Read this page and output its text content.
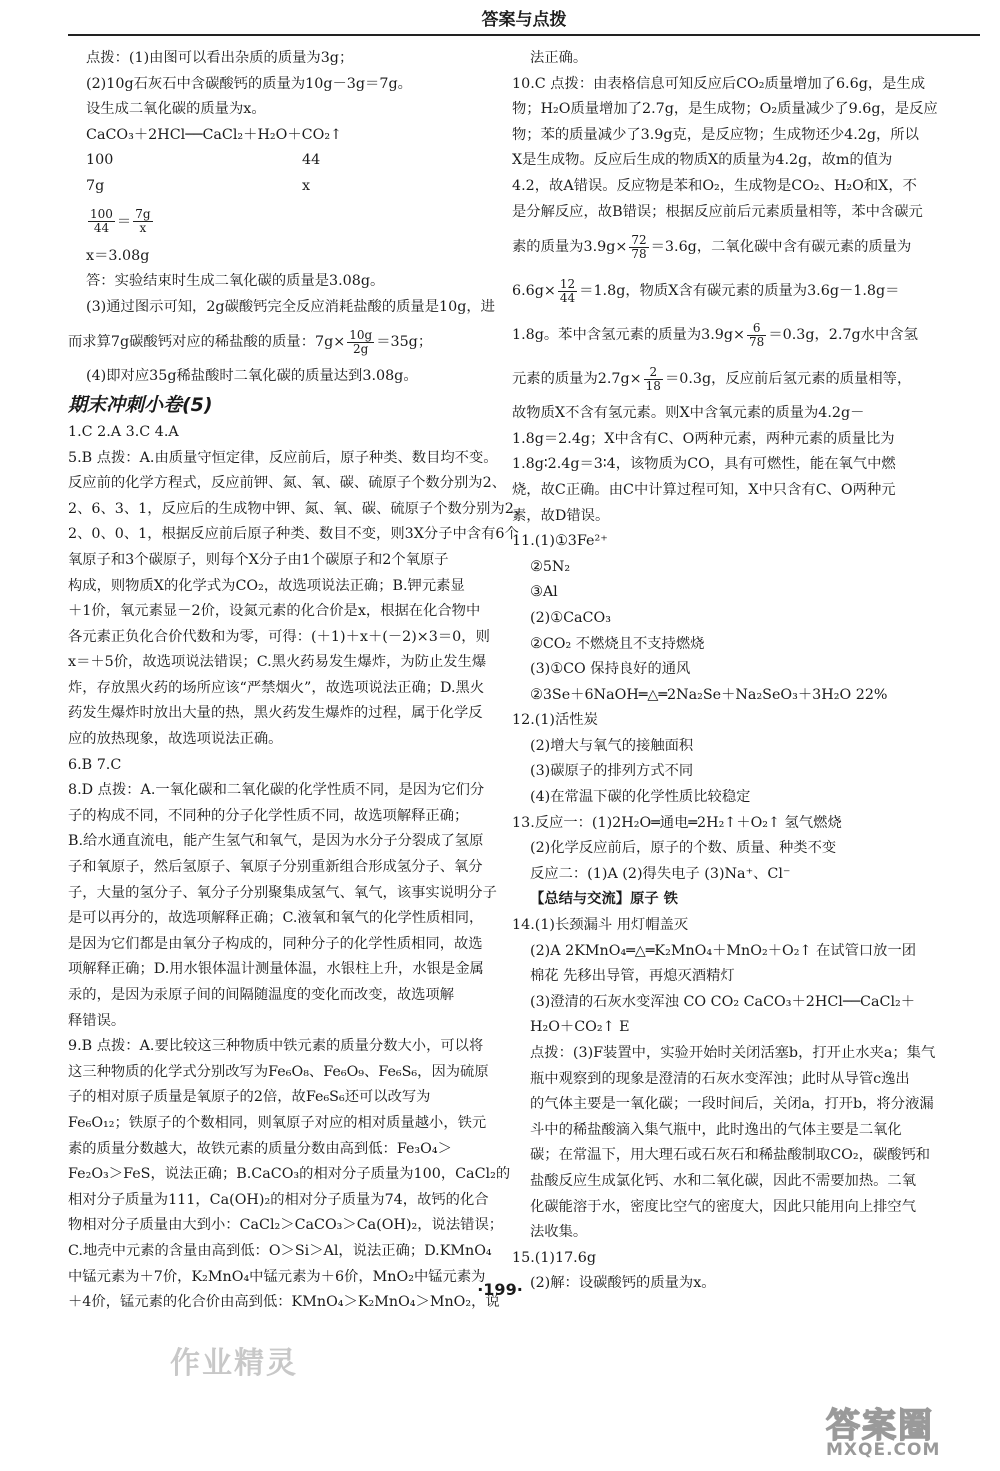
答案与点拨
点拨：(1)由图可以看出杂质的质量为3g；
(2)10g石灰石中含碳酸钙的质量为10g－3g＝7g。
设生成二氧化碳的质量为x。
CaCO₃＋2HCl──CaCl₂＋H₂O＋CO₂↑
100	44
7g	x
$\frac{100}{44} = \frac{7g}{x}$
x＝3.08g
答：实验结束时生成二氧化碳的质量是3.08g。
(3)通过图示可知，2g碳酸钙完全反应消耗盐酸的质量是10g，进
而求算7g碳酸钙对应的稀盐酸的质量：$7g\times \frac{10g}{2g} =35g$；
(4)即对应35g稀盐酸时二氧化碳的质量达到3.08g。
期末冲刺小卷(5)
1.C 2.A 3.C 4.A
5.B 点拨：A.由质量守恒定律，反应前后，原子种类、数目均不变。
反应前的化学方程式，反应前钾、氮、氧、碳、硫原子个数分别为2、
2、6、3、1，反应后的生成物中钾、氮、氧、碳、硫原子个数分别为2、
2、0、0、1，根据反应前后原子种类、数目不变，则3X分子中含有6个
氧原子和3个碳原子，则每个X分子由1个碳原子和2个氧原子
构成，则物质X的化学式为CO₂，故选项说法正确；B.钾元素显
＋1价，氧元素显－2价，设氮元素的化合价是x，根据在化合物中
各元素正负化合价代数和为零，可得：(＋1)＋x＋(－2)×3＝0，则
x＝＋5价，故选项说法错误；C.黑火药易发生爆炸，为防止发生爆
炸，存放黑火药的场所应该“严禁烟火”，故选项说法正确；D.黑火
药发生爆炸时放出大量的热，黑火药发生爆炸的过程，属于化学反
应的放热现象，故选项说法正确。
6.B 7.C
8.D 点拨：A.一氧化碳和二氧化碳的化学性质不同，是因为它们分
子的构成不同，不同种的分子化学性质不同，故选项解释正确；
B.给水通直流电，能产生氢气和氧气，是因为水分子分裂成了氢原
子和氧原子，然后氢原子、氧原子分别重新组合形成氢分子、氧分
子，大量的氢分子、氧分子分别聚集成氢气、氧气，该事实说明分子
是可以再分的，故选项解释正确；C.液氧和氧气的化学性质相同，
是因为它们都是由氧分子构成的，同种分子的化学性质相同，故选
项解释正确；D.用水银体温计测量体温，水银柱上升，水银是金属
汞的，是因为汞原子间的间隔随温度的变化而改变，故选项解
释错误。
9.B 点拨：A.要比较这三种物质中铁元素的质量分数大小，可以将
这三种物质的化学式分别改写为Fe₆O₈、Fe₆O₉、Fe₆S₆，因为硫原
子的相对原子质量是氧原子的2倍，故Fe₆S₆还可以改写为
Fe₆O₁₂；铁原子的个数相同，则氧原子对应的相对质量越小，铁元
素的质量分数越大，故铁元素的质量分数由高到低：Fe₃O₄＞
Fe₂O₃＞FeS，说法正确；B.CaCO₃的相对分子质量为100，CaCl₂的
相对分子质量为111，Ca(OH)₂的相对分子质量为74，故钙的化合
物相对分子质量由大到小：CaCl₂＞CaCO₃＞Ca(OH)₂，说法错误；
C.地壳中元素的含量由高到低：O＞Si＞Al，说法正确；D.KMnO₄
中锰元素为＋7价，K₂MnO₄中锰元素为＋6价，MnO₂中锰元素为
＋4价，锰元素的化合价由高到低：KMnO₄＞K₂MnO₄＞MnO₂，说
法正确。
10.C 点拨：由表格信息可知反应后CO₂质量增加了6.6g，是生成
物；H₂O质量增加了2.7g，是生成物；O₂质量减少了9.6g，是反应
物；苯的质量减少了3.9g克，是反应物；生成物还少4.2g，所以
X是生成物。反应后生成的物质X的质量为4.2g，故m的值为
4.2，故A错误。反应物是苯和O₂，生成物是CO₂、H₂O和X，不
是分解反应，故B错误；根据反应前后元素质量相等，苯中含碳元
素的质量为$3.9g\times \frac{72}{78} =3.6g$，二氧化碳中含有碳元素的质量为
$6.6g\times \frac{12}{44} =1.8g$，物质X含有碳元素的质量为3.6g－1.8g＝
1.8g。苯中含氢元素的质量为$3.9g\times \frac{6}{78} =0.3g$，2.7g水中含氢
元素的质量为$2.7g\times \frac{2}{18} =0.3g$，反应前后氢元素的质量相等，
故物质X不含有氢元素。则X中含氧元素的质量为4.2g－
1.8g＝2.4g；X中含有C、O两种元素，两种元素的质量比为
1.8g∶2.4g＝3∶4，该物质为CO，具有可燃性，能在氧气中燃
烧，故C正确。由C中计算过程可知，X中只含有C、O两种元
素，故D错误。
11.(1)①3Fe²⁺
②5N₂
③Al
(2)①CaCO₃
②CO₂ 不燃烧且不支持燃烧
(3)①CO 保持良好的通风
②3Se＋6NaOH═△═2Na₂Se＋Na₂SeO₃＋3H₂O 22%
12.(1)活性炭
(2)增大与氧气的接触面积
(3)碳原子的排列方式不同
(4)在常温下碳的化学性质比较稳定
13.反应一：(1)2H₂O═通电═2H₂↑＋O₂↑ 氢气燃烧
(2)化学反应前后，原子的个数、质量、种类不变
反应二：(1)A (2)得失电子 (3)Na⁺、Cl⁻
【总结与交流】原子 铁
14.(1)长颈漏斗 用灯帽盖灭
(2)A 2KMnO₄═△═K₂MnO₄＋MnO₂＋O₂↑ 在试管口放一团
棉花 先移出导管，再熄灭酒精灯
(3)澄清的石灰水变浑浊 CO CO₂ CaCO₃＋2HCl──CaCl₂＋
H₂O＋CO₂↑ E
点拨：(3)F装置中，实验开始时关闭活塞b，打开止水夹a；集气
瓶中观察到的现象是澄清的石灰水变浑浊；此时从导管c逸出
的气体主要是一氧化碳；一段时间后，关闭a，打开b，将分液漏
斗中的稀盐酸滴入集气瓶中，此时逸出的气体主要是二氧化
碳；在常温下，用大理石或石灰石和稀盐酸制取CO₂，碳酸钙和
盐酸反应生成氯化钙、水和二氧化碳，因此不需要加热。二氧
化碳能溶于水，密度比空气的密度大，因此只能用向上排空气
法收集。
15.(1)17.6g
(2)解：设碳酸钙的质量为x。
·199·
作业精灵
答案圈
MXQE.COM
